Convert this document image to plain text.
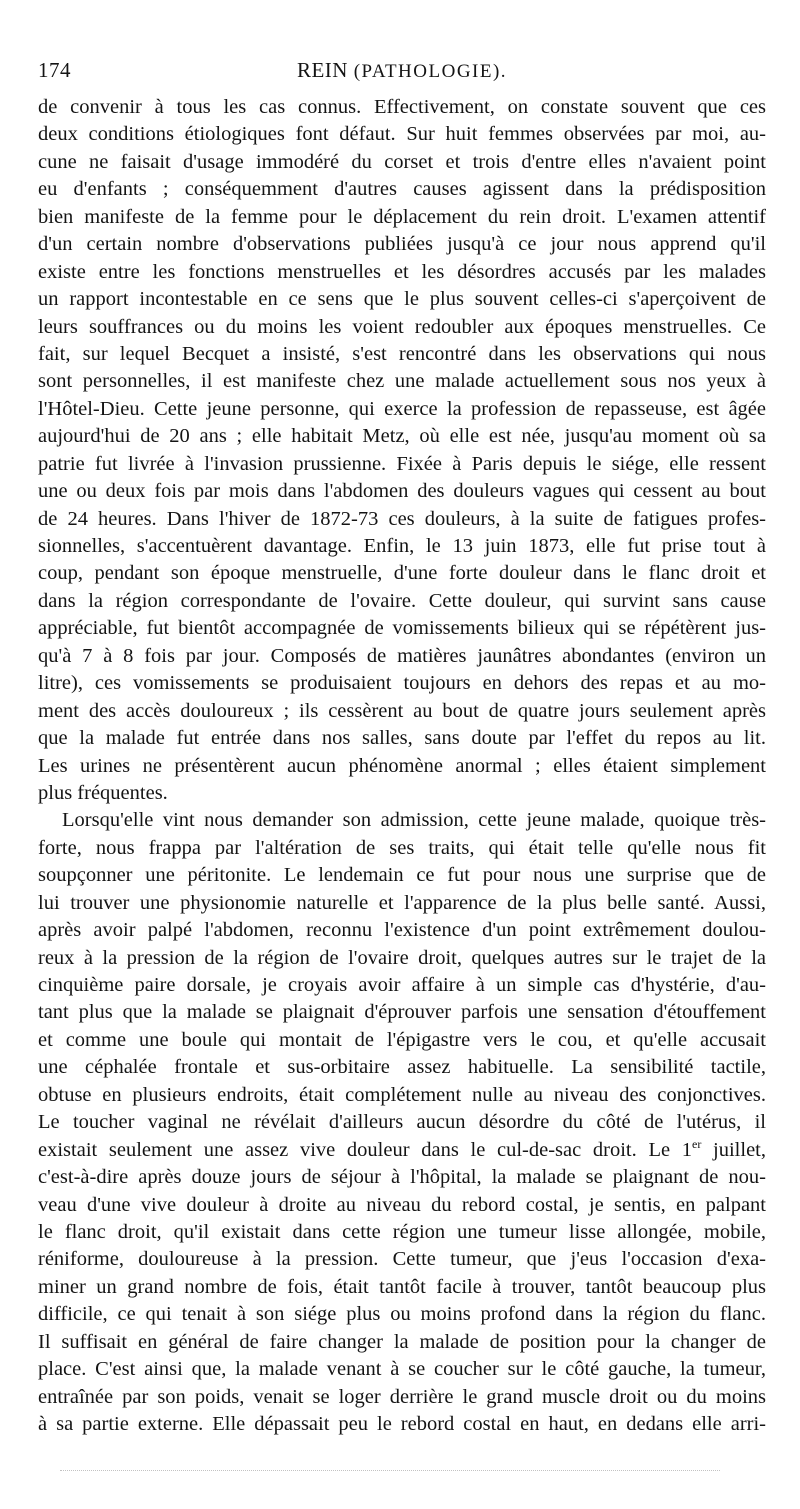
174	REIN (PATHOLOGIE).
de convenir à tous les cas connus. Effectivement, on constate souvent que ces
deux conditions étiologiques font défaut. Sur huit femmes observées par moi, au-
cune ne faisait d'usage immodéré du corset et trois d'entre elles n'avaient point
eu d'enfants ; conséquemment d'autres causes agissent dans la prédisposition
bien manifeste de la femme pour le déplacement du rein droit. L'examen attentif
d'un certain nombre d'observations publiées jusqu'à ce jour nous apprend qu'il
existe entre les fonctions menstruelles et les désordres accusés par les malades
un rapport incontestable en ce sens que le plus souvent celles-ci s'aperçoivent de
leurs souffrances ou du moins les voient redoubler aux époques menstruelles. Ce
fait, sur lequel Becquet a insisté, s'est rencontré dans les observations qui nous
sont personnelles, il est manifeste chez une malade actuellement sous nos yeux à
l'Hôtel-Dieu. Cette jeune personne, qui exerce la profession de repasseuse, est âgée
aujourd'hui de 20 ans ; elle habitait Metz, où elle est née, jusqu'au moment où sa
patrie fut livrée à l'invasion prussienne. Fixée à Paris depuis le siége, elle ressent
une ou deux fois par mois dans l'abdomen des douleurs vagues qui cessent au bout
de 24 heures. Dans l'hiver de 1872-73 ces douleurs, à la suite de fatigues profes-
sionnelles, s'accentuèrent davantage. Enfin, le 13 juin 1873, elle fut prise tout à
coup, pendant son époque menstruelle, d'une forte douleur dans le flanc droit et
dans la région correspondante de l'ovaire. Cette douleur, qui survint sans cause
appréciable, fut bientôt accompagnée de vomissements bilieux qui se répétèrent jus-
qu'à 7 à 8 fois par jour. Composés de matières jaunâtres abondantes (environ un
litre), ces vomissements se produisaient toujours en dehors des repas et au mo-
ment des accès douloureux ; ils cessèrent au bout de quatre jours seulement après
que la malade fut entrée dans nos salles, sans doute par l'effet du repos au lit.
Les urines ne présentèrent aucun phénomène anormal ; elles étaient simplement
plus fréquentes.
Lorsqu'elle vint nous demander son admission, cette jeune malade, quoique très-
forte, nous frappa par l'altération de ses traits, qui était telle qu'elle nous fit
soupçonner une péritonite. Le lendemain ce fut pour nous une surprise que de
lui trouver une physionomie naturelle et l'apparence de la plus belle santé. Aussi,
après avoir palpé l'abdomen, reconnu l'existence d'un point extrêmement doulou-
reux à la pression de la région de l'ovaire droit, quelques autres sur le trajet de la
cinquième paire dorsale, je croyais avoir affaire à un simple cas d'hystérie, d'au-
tant plus que la malade se plaignait d'éprouver parfois une sensation d'étouffement
et comme une boule qui montait de l'épigastre vers le cou, et qu'elle accusait
une céphalée frontale et sus-orbitaire assez habituelle. La sensibilité tactile,
obtuse en plusieurs endroits, était complétement nulle au niveau des conjonctives.
Le toucher vaginal ne révélait d'ailleurs aucun désordre du côté de l'utérus, il
existait seulement une assez vive douleur dans le cul-de-sac droit. Le 1er juillet,
c'est-à-dire après douze jours de séjour à l'hôpital, la malade se plaignant de nou-
veau d'une vive douleur à droite au niveau du rebord costal, je sentis, en palpant
le flanc droit, qu'il existait dans cette région une tumeur lisse allongée, mobile,
réniforme, douloureuse à la pression. Cette tumeur, que j'eus l'occasion d'exa-
miner un grand nombre de fois, était tantôt facile à trouver, tantôt beaucoup plus
difficile, ce qui tenait à son siége plus ou moins profond dans la région du flanc.
Il suffisait en général de faire changer la malade de position pour la changer de
place. C'est ainsi que, la malade venant à se coucher sur le côté gauche, la tumeur,
entraînée par son poids, venait se loger derrière le grand muscle droit ou du moins
à sa partie externe. Elle dépassait peu le rebord costal en haut, en dedans elle arri-
